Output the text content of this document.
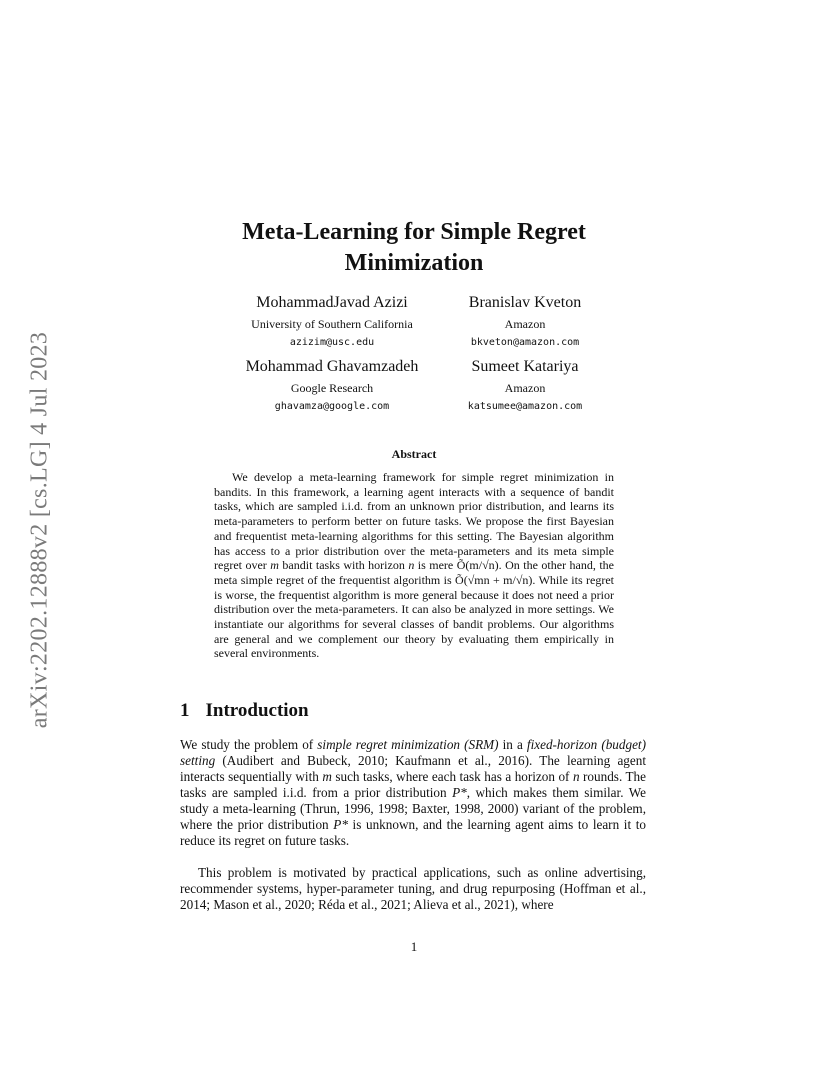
arXiv:2202.12888v2 [cs.LG] 4 Jul 2023
Meta-Learning for Simple Regret Minimization
MohammadJavad Azizi
University of Southern California
azizim@usc.edu
Branislav Kveton
Amazon
bkveton@amazon.com
Mohammad Ghavamzadeh
Google Research
ghavamza@google.com
Sumeet Katariya
Amazon
katsumee@amazon.com
Abstract
We develop a meta-learning framework for simple regret minimization in bandits. In this framework, a learning agent interacts with a sequence of bandit tasks, which are sampled i.i.d. from an unknown prior distribution, and learns its meta-parameters to perform better on future tasks. We propose the first Bayesian and frequentist meta-learning algorithms for this setting. The Bayesian algorithm has access to a prior distribution over the meta-parameters and its meta simple regret over m bandit tasks with horizon n is mere Õ(m/√n). On the other hand, the meta simple regret of the frequentist algorithm is Õ(√mn + m/√n). While its regret is worse, the frequentist algorithm is more general because it does not need a prior distribution over the meta-parameters. It can also be analyzed in more settings. We instantiate our algorithms for several classes of bandit problems. Our algorithms are general and we complement our theory by evaluating them empirically in several environments.
1 Introduction
We study the problem of simple regret minimization (SRM) in a fixed-horizon (budget) setting (Audibert and Bubeck, 2010; Kaufmann et al., 2016). The learning agent interacts sequentially with m such tasks, where each task has a horizon of n rounds. The tasks are sampled i.i.d. from a prior distribution P*, which makes them similar. We study a meta-learning (Thrun, 1996, 1998; Baxter, 1998, 2000) variant of the problem, where the prior distribution P* is unknown, and the learning agent aims to learn it to reduce its regret on future tasks.
This problem is motivated by practical applications, such as online advertising, recommender systems, hyper-parameter tuning, and drug repurposing (Hoffman et al., 2014; Mason et al., 2020; Réda et al., 2021; Alieva et al., 2021), where
1
